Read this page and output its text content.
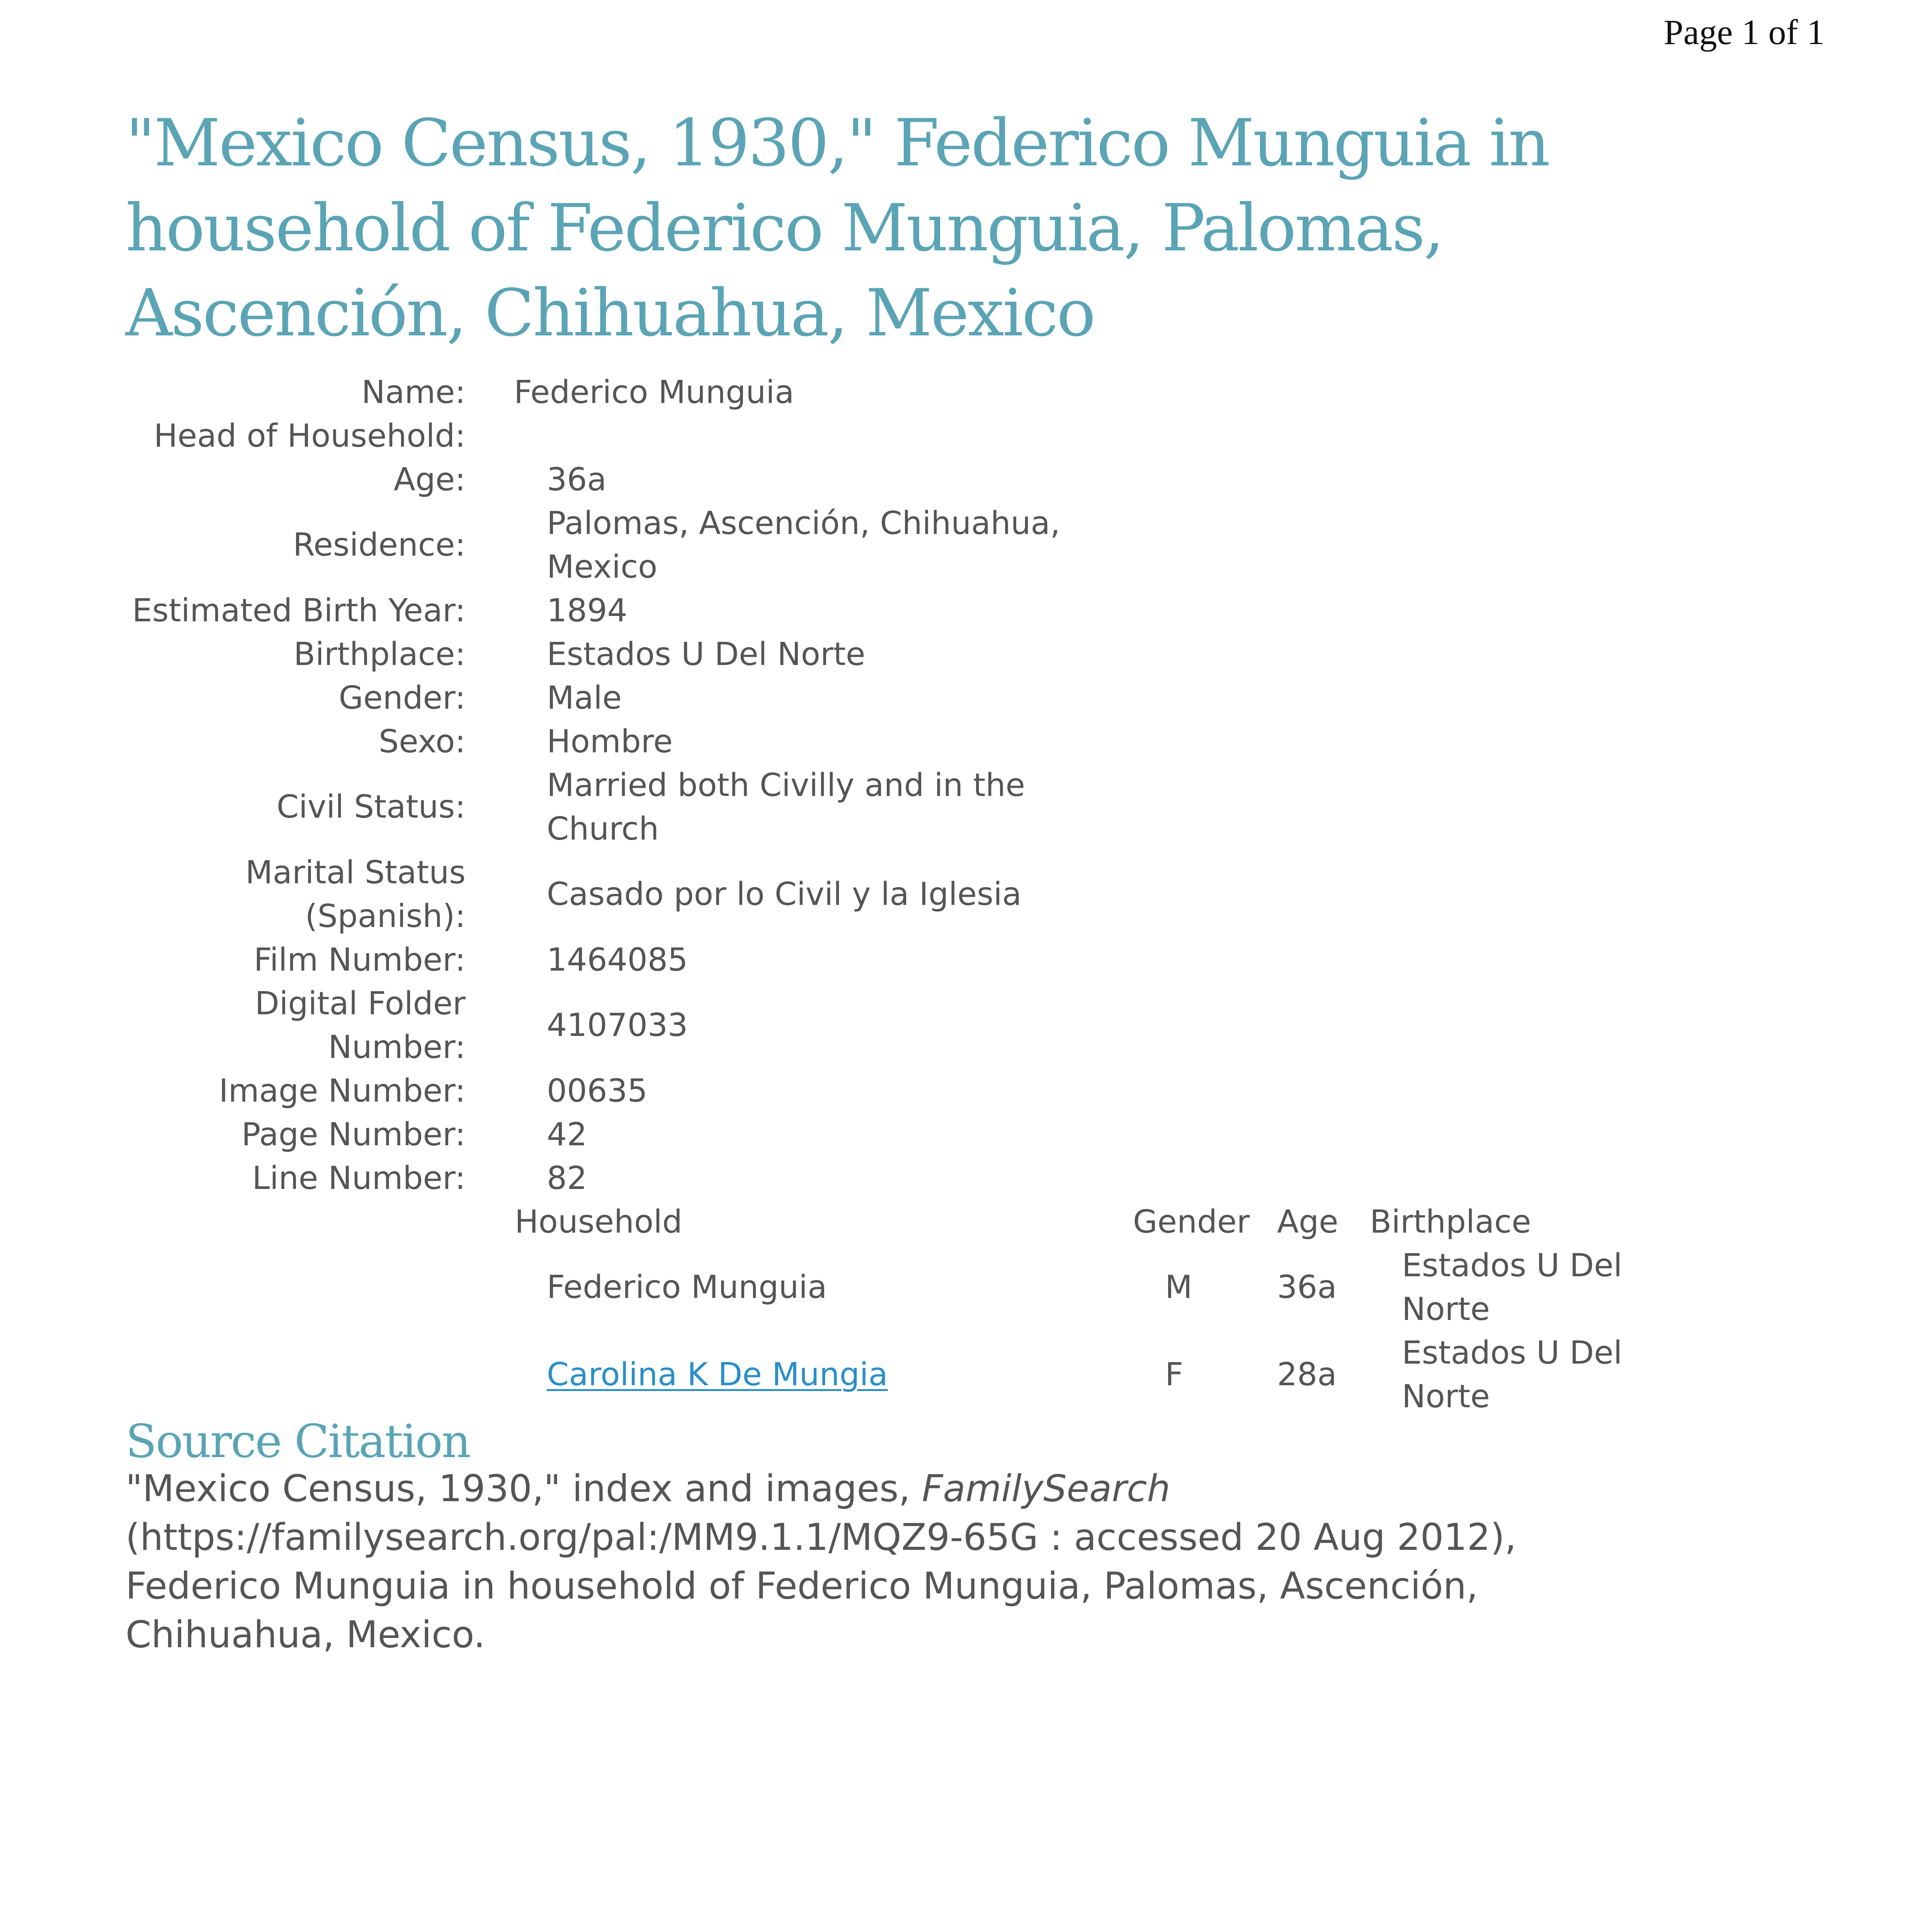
Page 1 of 1
"Mexico Census, 1930," Federico Munguia in household of Federico Munguia, Palomas, Ascención, Chihuahua, Mexico
Name: Federico Munguia
Head of Household:
Age:	36a
Residence:
Palomas, Ascención, Chihuahua,
Mexico
Estimated Birth Year:	1894
Birthplace:	Estados U Del Norte
Gender:	Male
Sexo:	Hombre
Civil Status:
Married both Civilly and in the
Church
Marital Status
(Spanish):
Casado por lo Civil y la Iglesia
Film Number:	1464085
Digital Folder
Number:
4107033
Image Number:	00635
Page Number:	42
Line Number:	82
Household	Gender Age Birthplace
Federico Munguia	M	36a
Estados U Del
Norte
Carolina K De Mungia	F	28a
Estados U Del
Norte
Source Citation
"Mexico Census, 1930," index and images, FamilySearch (https://familysearch.org/pal:/MM9.1.1/MQZ9-65G : accessed 20 Aug 2012), Federico Munguia in household of Federico Munguia, Palomas, Ascención, Chihuahua, Mexico.
